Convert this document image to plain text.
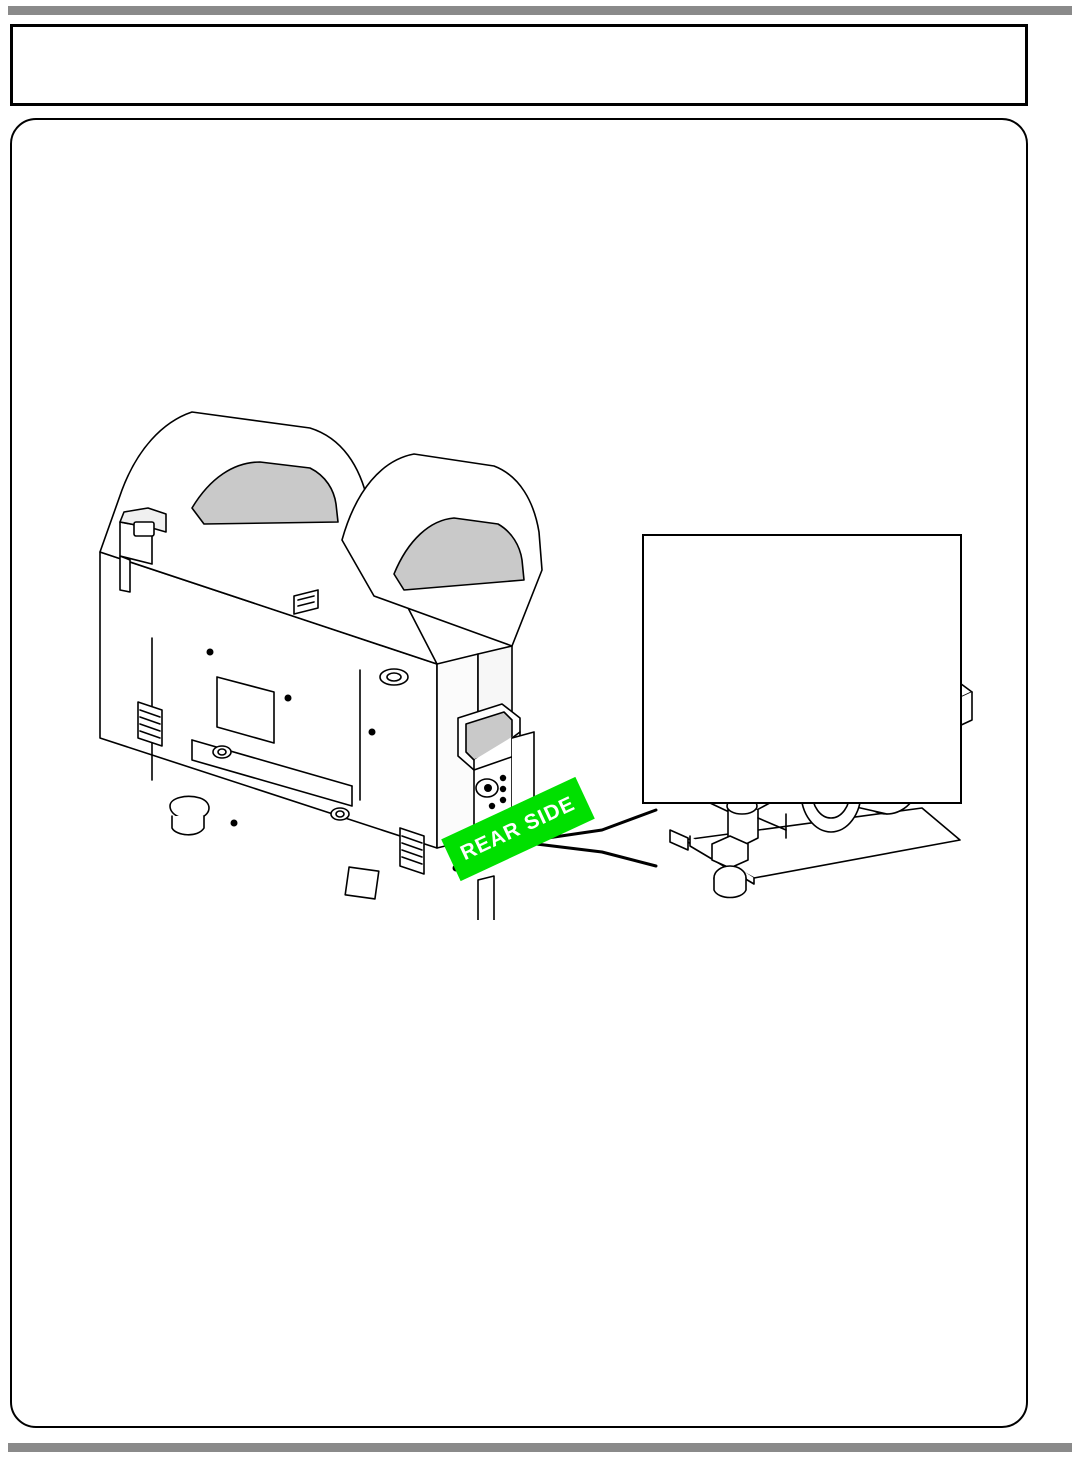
REAR SIDE
